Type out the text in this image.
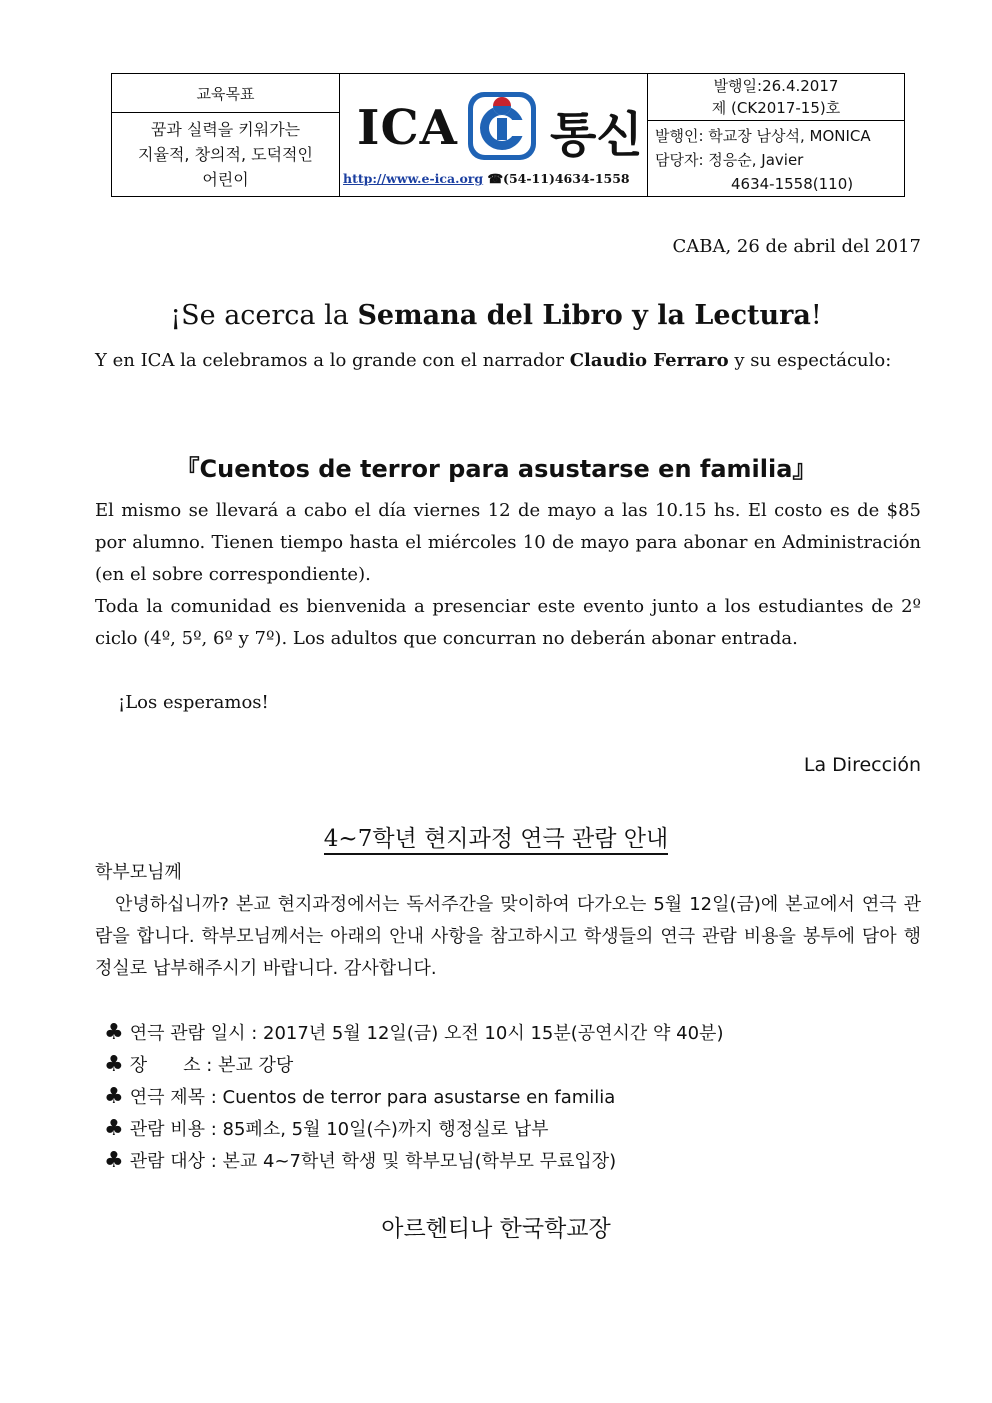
교육목표
꿈과 실력을 키워가는
지율적, 창의적, 도덕적인
어린이
ICA 통신
http://www.e-ica.org ☎(54-11)4634-1558
발행일:26.4.2017
제 (CK2017-15)호
발행인: 학교장 남상석, MONICA
담당자: 정응순, Javier
4634-1558(110)
CABA, 26 de abril del 2017
¡Se acerca la Semana del Libro y la Lectura!
Y en ICA la celebramos a lo grande con el narrador Claudio Ferraro y su espectáculo:
『Cuentos de terror para asustarse en familia』
El mismo se llevará a cabo el día viernes 12 de mayo a las 10.15 hs. El costo es de $85 por alumno. Tienen tiempo hasta el miércoles 10 de mayo para abonar en Administración (en el sobre correspondiente).
Toda la comunidad es bienvenida a presenciar este evento junto a los estudiantes de 2º ciclo (4º, 5º, 6º y 7º). Los adultos que concurran no deberán abonar entrada.
¡Los esperamos!
La Dirección
4~7학년 현지과정 연극 관람 안내
학부모님께
안녕하십니까? 본교 현지과정에서는 독서주간을 맞이하여 다가오는 5월 12일(금)에 본교에서 연극 관람을 합니다. 학부모님께서는 아래의 안내 사항을 참고하시고 학생들의 연극 관람 비용을 봉투에 담아 행정실로 납부해주시기 바랍니다. 감사합니다.
♣ 연극 관람 일시 : 2017년 5월 12일(금) 오전 10시 15분(공연시간 약 40분)
♣ 장　　소 : 본교 강당
♣ 연극 제목 : Cuentos de terror para asustarse en familia
♣ 관람 비용 : 85페소, 5월 10일(수)까지 행정실로 납부
♣ 관람 대상 : 본교 4~7학년 학생 및 학부모님(학부모 무료입장)
아르헨티나 한국학교장
